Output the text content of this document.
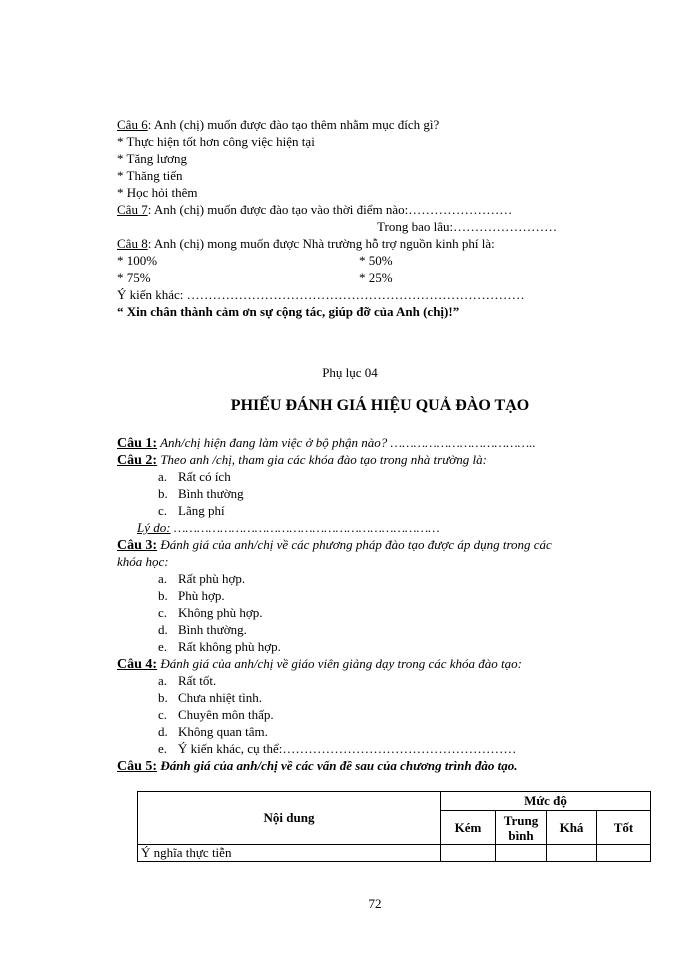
Câu 6: Anh (chị) muốn được đào tạo thêm nhằm mục đích gì?
* Thực hiện tốt hơn công việc hiện tại
* Tăng lương
* Thăng tiến
* Học hỏi thêm
Câu 7: Anh (chị) muốn được đào tạo vào thời điểm nào:……………………
Trong bao lâu:……………………
Câu 8: Anh (chị) mong muốn được Nhà trường hỗ trợ nguồn kinh phí là:
* 100%	* 50%
* 75%	* 25%
Ý kiến khác: ……………………………………………………………………
“ Xin chân thành cảm ơn sự cộng tác, giúp đỡ của Anh (chị)!”
Phụ lục 04
PHIẾU ĐÁNH GIÁ HIỆU QUẢ ĐÀO TẠO
Câu 1: Anh/chị hiện đang làm việc ở bộ phận nào? ………………………………..
Câu 2: Theo anh /chị, tham gia các khóa đào tạo trong nhà trường là:
a. Rất có ích
b. Bình thường
c. Lãng phí
Lý do: ……………………………………………………………
Câu 3: Đánh giá của anh/chị về các phương pháp đào tạo được áp dụng trong các
khóa học:
a. Rất phù hợp.
b. Phù hợp.
c. Không phù hợp.
d. Bình thường.
e. Rất không phù hợp.
Câu 4: Đánh giá của anh/chị về giáo viên giảng dạy trong các khóa đào tạo:
a. Rất tốt.
b. Chưa nhiệt tình.
c. Chuyên môn thấp.
d. Không quan tâm.
e. Ý kiến khác, cụ thể:………………………………………………
Câu 5: Đánh giá của anh/chị về các vấn đề sau của chương trình đào tạo.
Nội dung	Mức độ			
	Kém	Trung bình	Khá	Tốt
Ý nghĩa thực tiễn				
72
